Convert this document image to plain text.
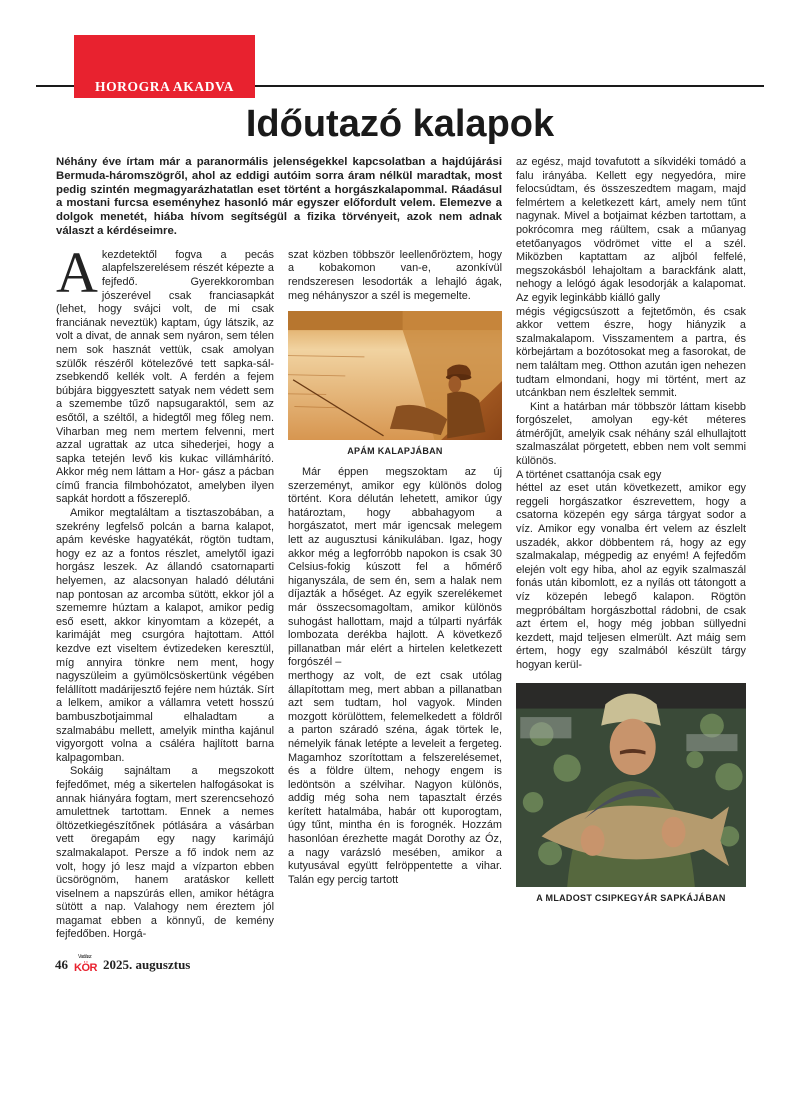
HOROGRA AKADVA
Időutazó kalapok
Néhány éve írtam már a paranormális jelenségekkel kapcsolatban a hajdújárási Bermuda-háromszögről, ahol az eddigi autóim sorra áram nélkül maradtak, most pedig szintén megmagyarázhatatlan eset történt a horgászkalapommal. Ráadásul a mostani furcsa eseményhez hasonló már egyszer előfordult velem. Elemezve a dolgok menetét, hiába hívom segítségül a fizika törvényeit, azok nem adnak választ a kérdéseimre.

Akezdetektől fogva a pecás alapfelszerelésem részét képezte a fejfedő. Gyerekkoromban jószerével csak franciasapkát (lehet, hogy svájci volt, de mi csak franciának neveztük) kaptam, úgy látszik, az volt a divat, de annak sem nyáron, sem télen nem sok hasznát vettük, csak amolyan szülők részéről kötelezővé tett sapka-sál-zsebkendő kellék volt. A ferdén a fejem búbjára biggyesztett satyak nem védett sem a szemembe tűző napsugaraktól, sem az esőtől, a széltől, a hidegtől meg főleg nem. Viharban meg nem mertem felvenni, mert azzal ugrattak az utca sihederjei, hogy a sapka tetején levő kis kukac villámhárító. Akkor még nem láttam a Hor- gász a pácban című francia filmbohózatot, amelyben ilyen sapkát hordott a főszereplő.

Amikor megtaláltam a tisztaszobában, a szekrény legfelső polcán a barna kalapot, apám kevéske hagyatékát, rögtön tudtam, hogy ez az a fontos részlet, amelytől igazi horgász leszek. Az állandó csatornaparti helyemen, az alacsonyan haladó délutáni nap pontosan az arcomba sütött, ekkor jól a szememre húztam a kalapot, amikor pedig eső esett, akkor kinyomtam a közepét, a karimáját meg csurgóra hajtottam. Attól kezdve ezt viseltem évtizedeken keresztül, míg annyira tönkre nem ment, hogy nagyszüleim a gyümölcsöskertünk végében felállított madárijesztő fejére nem húzták. Sírt a lelkem, amikor a vállamra vetett hosszú bambuszbotjaimmal elhaladtam a szalmabábu mellett, amelyik mintha kajánul vigyorgott volna a csáléra hajlított barna kalpagomban.

Sokáig sajnáltam a megszokott fejfedőmet, még a sikertelen halfogásokat is annak hiányára fogtam, mert szerencsehozó amulettnek tartottam. Ennek a nemes öltözetkiegészítőnek pótlására a vásárban vett öregapám egy nagy karimájú szalmakalapot. Persze a fő indok nem az volt, hogy jó lesz majd a vízparton ebben ücsörögnöm, hanem aratáskor kellett viselnem a napszúrás ellen, amikor hétágra sütött a nap. Valahogy nem éreztem jól magamat ebben a könnyű, de kemény fejfedőben. Horgá-

szat közben többször leellenőröztem, hogy a kobakomon van-e, azonkívül rendszeresen lesodorták a lehajló ágak, meg néhányszor a szél is megemelte.

APÁM KALAPJÁBAN

Már éppen megszoktam az új szerzeményt, amikor egy különös dolog történt. Kora délután lehetett, amikor úgy határoztam, hogy abbahagyom a horgászatot, mert már igencsak melegem lett az augusztusi kánikulában. Igaz, hogy akkor még a legforróbb napokon is csak 30 Celsius-fokig kúszott fel a hőmérő higanyszála, de sem én, sem a halak nem díjazták a hőséget. Az egyik szerelékemet már összecsomagoltam, amikor különös suhogást hallottam, majd a túlparti nyárfák lombozata derékba hajlott. A következő pillanatban már elért a hirtelen keletkezett forgószél –

merthogy az volt, de ezt csak utólag állapítottam meg, mert abban a pillanatban azt sem tudtam, hol vagyok. Minden mozgott körülöttem, felemelkedett a földről a parton száradó széna, ágak törtek le, némelyik fának letépte a leveleit a fergeteg. Magamhoz szorítottam a felszerelésemet, és a földre ültem, nehogy engem is ledöntsön a szélvihar. Nagyon különös, addig még soha nem tapasztalt érzés kerített hatalmába, habár ott kuporogtam, úgy tűnt, mintha én is forognék. Hozzám hasonlóan érezhette magát Dorothy az Óz, a nagy varázsló mesében, amikor a kutyusával együtt felröppentette a vihar. Talán egy percig tartott

az egész, majd tovafutott a síkvidéki tomádó a falu irányába. Kellett egy negyedóra, mire felocsúdtam, és összeszedtem magam, majd felmértem a keletkezett kárt, amely nem tűnt nagynak. Mivel a botjaimat kézben tartottam, a pokrócomra meg ráültem, csak a műanyag etetőanyagos vödrömet vitte el a szél. Miközben kaptattam az aljból felfelé, megszokásból lehajoltam a barackfánk alatt, nehogy a lelógó ágak lesodorják a kalapomat. Az egyik leginkább kiálló gally

mégis végigcsúszott a fejtetőmön, és csak akkor vettem észre, hogy hiányzik a szalmakalapom. Visszamentem a partra, és körbejártam a bozótosokat meg a fasorokat, de nem találtam meg. Otthon azután igen nehezen tudtam elmondani, hogy mi történt, mert az utcánkban nem észleltek semmit.

Kint a határban már többször láttam kisebb forgószelet, amolyan egy-két méteres átmérőjűt, amelyik csak néhány szál elhullajtott szalmaszálat pörgetett, ebben nem volt semmi különös.

A történet csattanója csak egy

héttel az eset után következett, amikor egy reggeli horgászatkor észrevettem, hogy a csatorna közepén egy sárga tárgyat sodor a víz. Amikor egy vonalba ért velem az észlelt uszadék, akkor döbbentem rá, hogy az egy szalmakalap, mégpedig az enyém! A fejfedőm elején volt egy hiba, ahol az egyik szalmaszál fonás után kibomlott, ez a nyílás ott tátongott a víz közepén lebegő kalapon. Rögtön megpróbáltam horgászbottal rádobni, de csak azt értem el, hogy még jobban süllyedni kezdett, majd teljesen elmerült. Azt máig sem értem, hogy egy szalmából készült tárgy hogyan kerül-

A MLADOST CSIPKEGYÁR SAPKÁJÁBAN
46 Vadász
KÖR 2025. augusztus
